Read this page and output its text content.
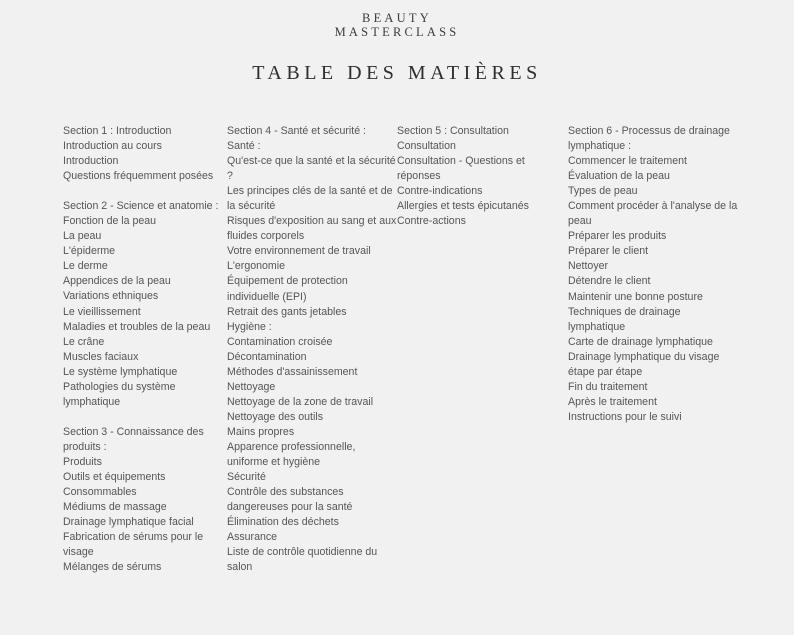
BEAUTY
MASTERCLASS
TABLE DES MATIÈRES
Section 1 : Introduction
Introduction au cours
Introduction
Questions fréquemment posées
Section 2 - Science et anatomie :
Fonction de la peau
La peau
L'épiderme
Le derme
Appendices de la peau
Variations ethniques
Le vieillissement
Maladies et troubles de la peau
Le crâne
Muscles faciaux
Le système lymphatique
Pathologies du système
lymphatique
Section 3 - Connaissance des
produits :
Produits
Outils et équipements
Consommables
Médiums de massage
Drainage lymphatique facial
Fabrication de sérums pour le
visage
Mélanges de sérums
Section 4 - Santé et sécurité :
Santé :
Qu'est-ce que la santé et la sécurité
?
Les principes clés de la santé et de
la sécurité
Risques d'exposition au sang et aux
fluides corporels
Votre environnement de travail
L'ergonomie
Équipement de protection
individuelle (EPI)
Retrait des gants jetables
Hygiène :
Contamination croisée
Décontamination
Méthodes d'assainissement
Nettoyage
Nettoyage de la zone de travail
Nettoyage des outils
Mains propres
Apparence professionnelle,
uniforme et hygiène
Sécurité
Contrôle des substances
dangereuses pour la santé
Élimination des déchets
Assurance
Liste de contrôle quotidienne du
salon
Section 5 : Consultation
Consultation
Consultation - Questions et
réponses
Contre-indications
Allergies et tests épicutanés
Contre-actions
Section 6 - Processus de drainage
lymphatique :
Commencer le traitement
Évaluation de la peau
Types de peau
Comment procéder à l'analyse de la
peau
Préparer les produits
Préparer le client
Nettoyer
Détendre le client
Maintenir une bonne posture
Techniques de drainage
lymphatique
Carte de drainage lymphatique
Drainage lymphatique du visage
étape par étape
Fin du traitement
Après le traitement
Instructions pour le suivi
